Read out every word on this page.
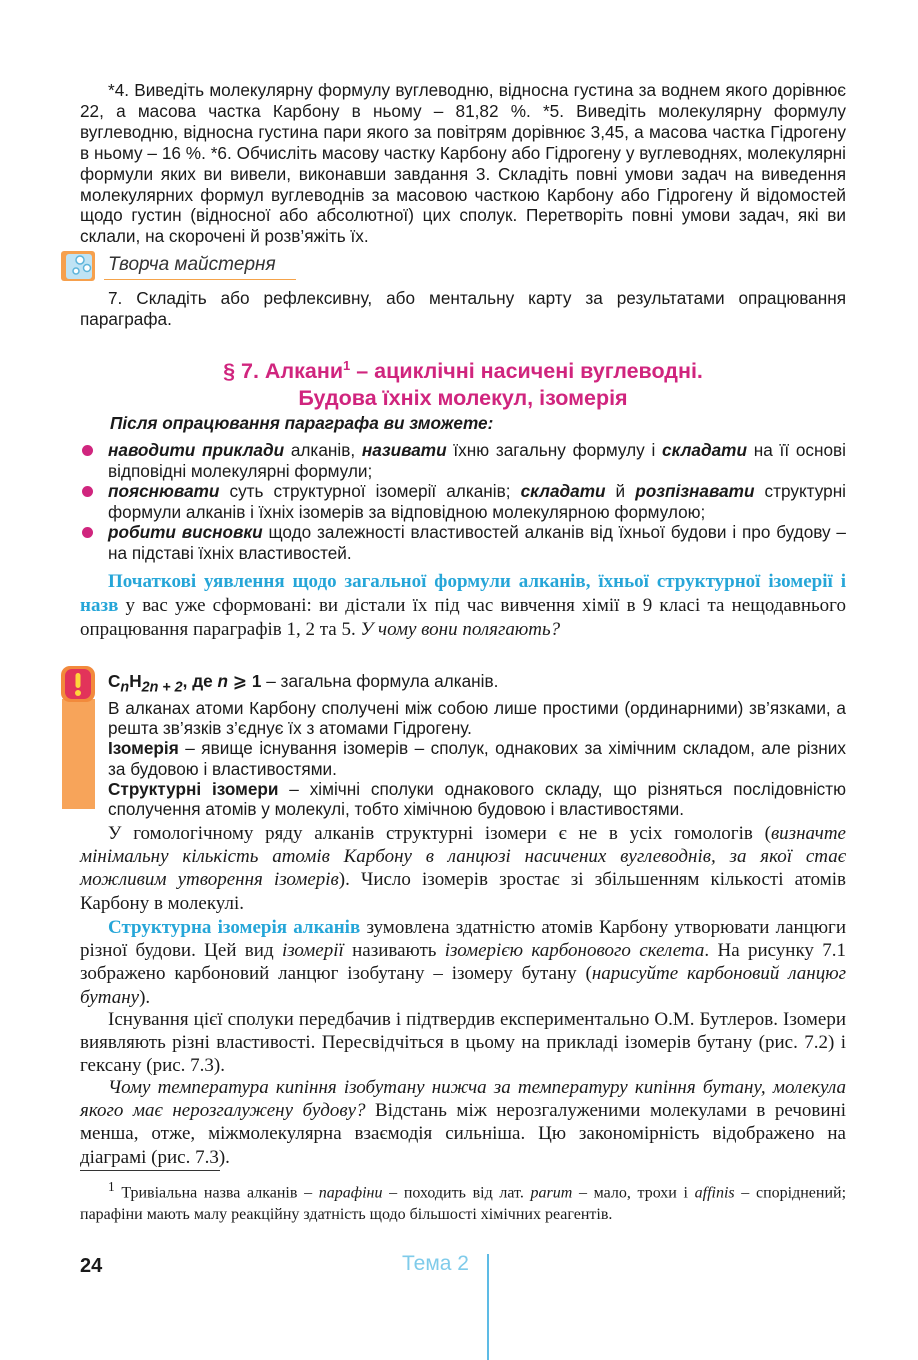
*4. Виведіть молекулярну формулу вуглеводню, відносна густина за воднем якого дорівнює 22, а масова частка Карбону в ньому – 81,82 %. *5. Виведіть молекулярну формулу вуглеводню, відносна густина пари якого за повітрям дорівнює 3,45, а масова частка Гідрогену в ньому – 16 %. *6. Обчисліть масову частку Карбону або Гідрогену у вуглеводнях, молекулярні формули яких ви вивели, виконавши завдання 3. Складіть повні умови задач на виведення молекулярних формул вуглеводнів за масовою часткою Карбону або Гідрогену й відомостей щодо густин (відносної або абсолютної) цих сполук. Перетворіть повні умови задач, які ви склали, на скорочені й розв’яжіть їх.
Творча майстерня
7. Складіть або рефлексивну, або ментальну карту за результатами опрацювання параграфа.
§ 7. Алкани$^1$ – ациклічні насичені вуглеводні.
Будова їхніх молекул, ізомерія
Після опрацювання параграфа ви зможете:
наводити приклади алканів, називати їхню загальну формулу і складати на її основі відповідні молекулярні формули;
пояснювати суть структурної ізомерії алканів; складати й розпізнавати структурні формули алканів і їхніх ізомерів за відповідною молекулярною формулою;
робити висновки щодо залежності властивостей алканів від їхньої будови і про будову – на підставі їхніх властивостей.
Початкові уявлення щодо загальної формули алканів, їхньої структурної ізомерії і назв у вас уже сформовані: ви дістали їх під час вивчення хімії в 9 класі та нещодавнього опрацювання параграфів 1, 2 та 5. У чому вони полягають?
$C_nH_{2n + 2}$, де n ⩾ 1 – загальна формула алканів.
В алканах атоми Карбону сполучені між собою лише простими (ординарними) зв’язками, а решта зв’язків з’єднує їх з атомами Гідрогену.
Ізомерія – явище існування ізомерів – сполук, однакових за хімічним складом, але різних за будовою і властивостями.
Структурні ізомери – хімічні сполуки однакового складу, що різняться послідовністю сполучення атомів у молекулі, тобто хімічною будовою і властивостями.
У гомологічному ряду алканів структурні ізомери є не в усіх гомологів (визначте мінімальну кількість атомів Карбону в ланцюзі насичених вуглеводнів, за якої стає можливим утворення ізомерів). Число ізомерів зростає зі збільшенням кількості атомів Карбону в молекулі.
Структурна ізомерія алканів зумовлена здатністю атомів Карбону утворювати ланцюги різної будови. Цей вид ізомерії називають ізомерією карбонового скелета. На рисунку 7.1 зображено карбоновий ланцюг ізобутану – ізомеру бутану (нарисуйте карбоновий ланцюг бутану).
Існування цієї сполуки передбачив і підтвердив експериментально О.М. Бутлеров. Ізомери виявляють різні властивості. Пересвідчіться в цьому на прикладі ізомерів бутану (рис. 7.2) і гексану (рис. 7.3).
Чому температура кипіння ізобутану нижча за температуру кипіння бутану, молекула якого має нерозгалужену будову? Відстань між нерозгалуженими молекулами в речовині менша, отже, міжмолекулярна взаємодія сильніша. Цю закономірність відображено на діаграмі (рис. 7.3).
$^1$ Тривіальна назва алканів – парафіни – походить від лат. parum – мало, трохи і affinis – споріднений; парафіни мають малу реакційну здатність щодо більшості хімічних реагентів.
24	Тема 2
